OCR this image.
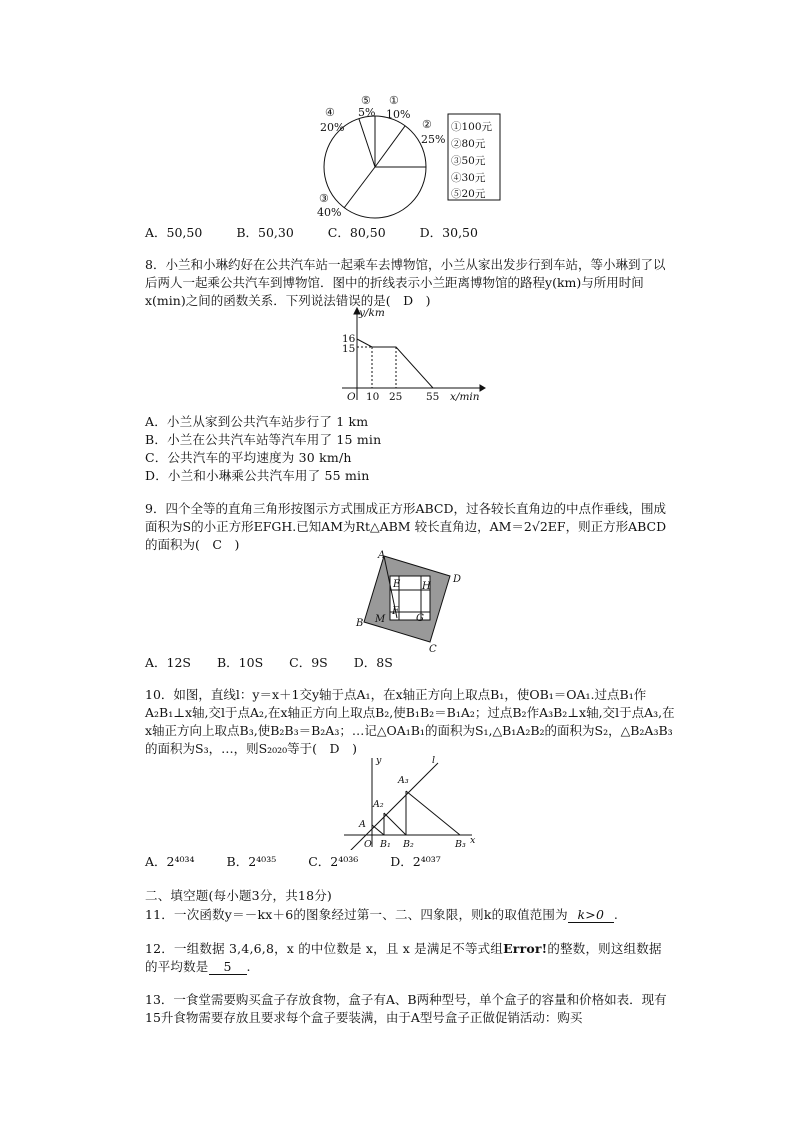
⑤
5%
①
10%
④
20%	②
25%
③
40%
①100元
②80元
③50元
④30元
⑤20元
A．50,50	B．50,30	C．80,50	D．30,50
8．小兰和小琳约好在公共汽车站一起乘车去博物馆，小兰从家出发步行到车站，等小琳到了以后两人一起乘公共汽车到博物馆．图中的折线表示小兰距离博物馆的路程y(km)与所用时间x(min)之间的函数关系．下列说法错误的是(　D　)
y/km
16
15
O 10 25 55 x/min
A．小兰从家到公共汽车站步行了 1 km
B．小兰在公共汽车站等汽车用了 15 min
C．公共汽车的平均速度为 30 km/h
D．小兰和小琳乘公共汽车用了 55 min
9．四个全等的直角三角形按图示方式围成正方形ABCD，过各较长直角边的中点作垂线，围成面积为S的小正方形EFGH.已知AM为Rt△ABM 较长直角边，AM＝2√2EF，则正方形ABCD的面积为(　C　)
A
D
B
C
E H
F
G
M
A．12S B．10S C．9S D．8S
10．如图，直线l：y＝x＋1交y轴于点A₁，在x轴正方向上取点B₁，使OB₁＝OA₁.过点B₁作A₂B₁⊥x轴,交l于点A₂,在x轴正方向上取点B₂,使B₁B₂＝B₁A₂；过点B₂作A₃B₂⊥x轴,交l于点A₃,在x轴正方向上取点B₃,使B₂B₃＝B₂A₃；…记△OA₁B₁的面积为S₁,△B₁A₂B₂的面积为S₂，△B₂A₃B₃的面积为S₃，…，则S₂₀₂₀等于(　D　)
y	l
A₃
A₂
A
O B₁ B₂	B₃ x
A．2⁴⁰³⁴	B．2⁴⁰³⁵	C．2⁴⁰³⁶	D．2⁴⁰³⁷
二、填空题(每小题3分，共18分)
11．一次函数y＝－kx＋6的图象经过第一、二、四象限，则k的取值范围为 k>0 .
12．一组数据 3,4,6,8，x 的中位数是 x，且 x 是满足不等式组Error!的整数，则这组数据
的平均数是 5 .
13．一食堂需要购买盒子存放食物，盒子有A、B两种型号，单个盒子的容量和价格如表．现有15升食物需要存放且要求每个盒子要装满，由于A型号盒子正做促销活动：购买
